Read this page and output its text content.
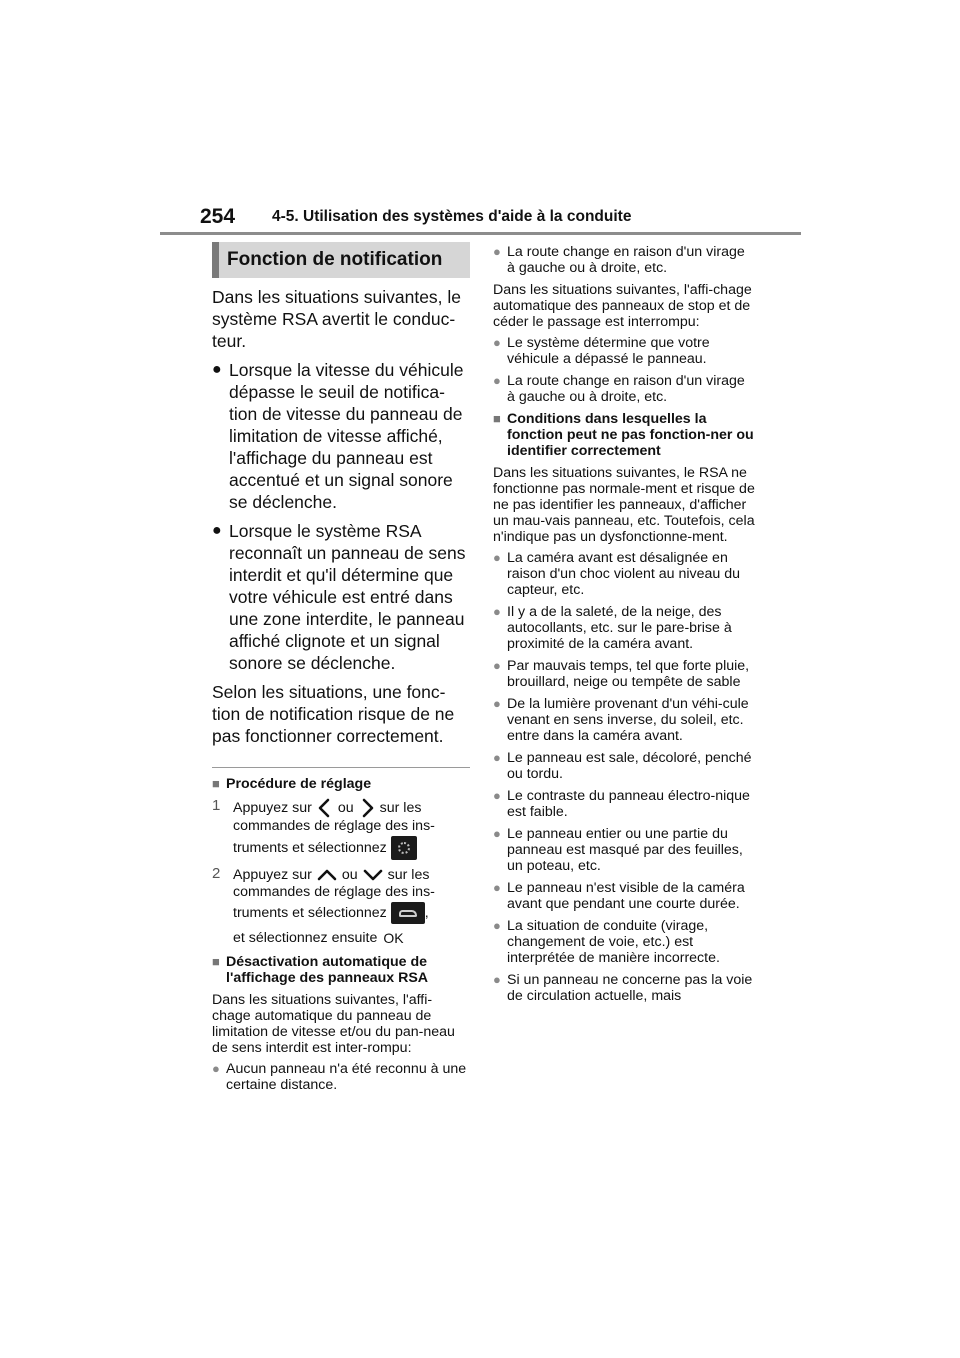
254 4-5. Utilisation des systèmes d'aide à la conduite
Fonction de notification

Dans les situations suivantes, le système RSA avertit le conduc-teur.

● Lorsque la vitesse du véhicule dépasse le seuil de notifica-tion de vitesse du panneau de limitation de vitesse affiché, l'affichage du panneau est accentué et un signal sonore se déclenche.
● Lorsque le système RSA reconnaît un panneau de sens interdit et qu'il détermine que votre véhicule est entré dans une zone interdite, le panneau affiché clignote et un signal sonore se déclenche.

Selon les situations, une fonc-tion de notification risque de ne pas fonctionner correctement.

■ Procédure de réglage
1 Appuyez sur ou sur les
commandes de réglage des ins-
truments et sélectionnez
2 Appuyez sur ou sur les
commandes de réglage des ins-
truments et sélectionnez	,
et sélectionnez ensuite OK
■ Désactivation automatique de l'affichage des panneaux RSA

Dans les situations suivantes, l'affi-chage automatique du panneau de limitation de vitesse et/ou du pan-neau de sens interdit est inter-rompu:

● Aucun panneau n'a été reconnu à une certaine distance.
● La route change en raison d'un virage à gauche ou à droite, etc.

Dans les situations suivantes, l'affi-chage automatique des panneaux de stop et de céder le passage est interrompu:

● Le système détermine que votre véhicule a dépassé le panneau.
● La route change en raison d'un virage à gauche ou à droite, etc.
■ Conditions dans lesquelles la fonction peut ne pas fonction-ner ou identifier correctement

Dans les situations suivantes, le RSA ne fonctionne pas normale-ment et risque de ne pas identifier les panneaux, d'afficher un mau-vais panneau, etc. Toutefois, cela n'indique pas un dysfonctionne-ment.

● La caméra avant est désalignée en raison d'un choc violent au niveau du capteur, etc.
● Il y a de la saleté, de la neige, des autocollants, etc. sur le pare-brise à proximité de la caméra avant.
● Par mauvais temps, tel que forte pluie, brouillard, neige ou tempête de sable
● De la lumière provenant d'un véhi-cule venant en sens inverse, du soleil, etc. entre dans la caméra avant.
● Le panneau est sale, décoloré, penché ou tordu.
● Le contraste du panneau électro-nique est faible.
● Le panneau entier ou une partie du panneau est masqué par des feuilles, un poteau, etc.
● Le panneau n'est visible de la caméra avant que pendant une courte durée.
● La situation de conduite (virage, changement de voie, etc.) est interprétée de manière incorrecte.
● Si un panneau ne concerne pas la voie de circulation actuelle, mais
